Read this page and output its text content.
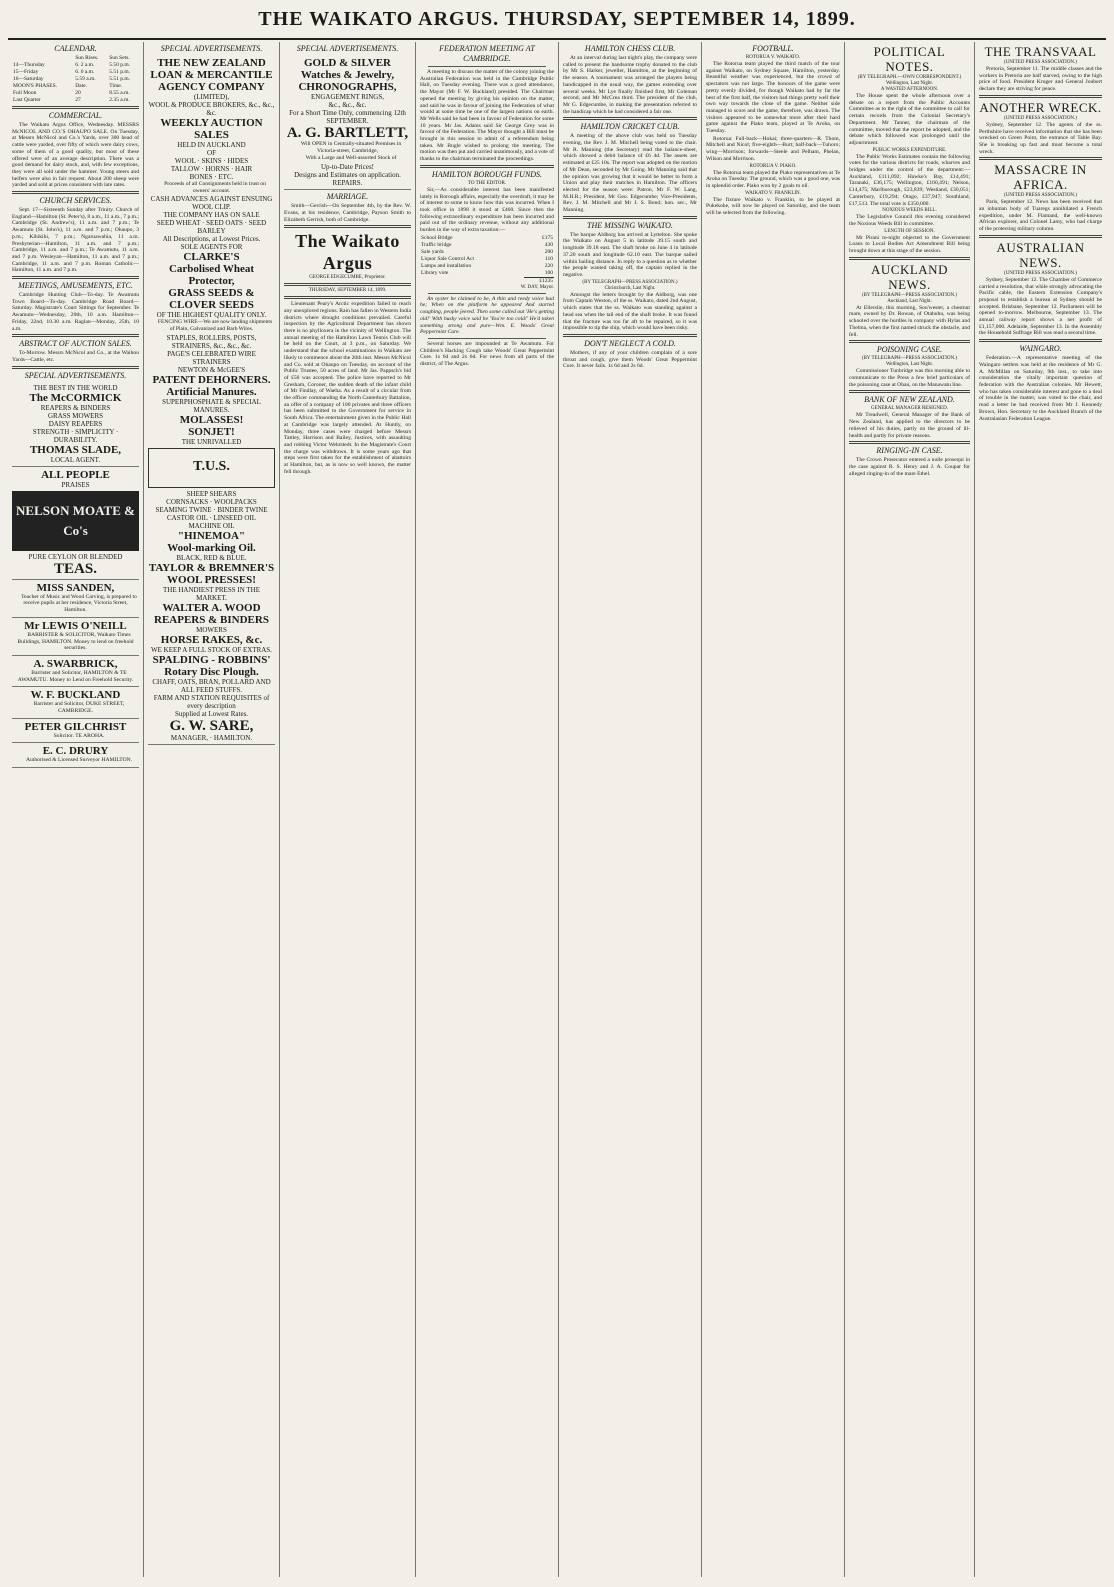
THE WAIKATO ARGUS. THURSDAY, SEPTEMBER 14, 1899.
CALENDAR.
	Sun Rises.	Sun Sets.
14—Thursday	6. 2 a.m.	5.50 p.m.
15—Friday	6. 0 a.m.	5.51 p.m.
16—Saturday	5.59 a.m.	5.51 p.m.
MOON'S PHASES.	Date.	Time.
Full Moon	20	8.55 a.m.
Last Quarter	27	2.35 a.m.
COMMERCIAL.

The Waikato Argus Office, Wednesday. MESSRS McNICOL AND CO.'S OHAUPO SALE. On Tuesday, at Messrs McNicol and Co.'s Yards, over 300 head of cattle were yarded, over fifty of which were dairy cows, some of them of a good quality, but most of these offered were of an average description. There was a good demand for dairy stock, and, with few exceptions, they were all sold under the hammer. Young steers and heifers were also in fair request. About 200 sheep were yarded and sold at prices consistent with late rates.

CHURCH SERVICES.

Sept. 17—Sixteenth Sunday after Trinity. Church of England—Hamilton (St. Peter's), 8 a.m., 11 a.m., 7 p.m.; Cambridge (St. Andrew's), 11 a.m. and 7 p.m.; Te Awamutu (St. John's), 11 a.m. and 7 p.m.; Ohaupo, 3 p.m.; Kihikihi, 7 p.m.; Ngaruawahia, 11 a.m. Presbyterian—Hamilton, 11 a.m. and 7 p.m.; Cambridge, 11 a.m. and 7 p.m.; Te Awamutu, 11 a.m. and 7 p.m. Wesleyan—Hamilton, 11 a.m. and 7 p.m.; Cambridge, 11 a.m. and 7 p.m. Roman Catholic—Hamilton, 11 a.m. and 7 p.m.

MEETINGS, AMUSEMENTS, ETC.

Cambridge Hunting Club—To-day. Te Awamutu Town Board—To-day. Cambridge Road Board—Saturday. Magistrate's Court Sittings for September. Te Awamutu—Wednesday, 20th, 10 a.m. Hamilton—Friday, 22nd, 10.30 a.m. Raglan—Monday, 25th, 10 a.m.

ABSTRACT OF AUCTION SALES.

To-Morrow. Messrs McNicol and Co., at the Waihou Yards—Cattle, etc.

SPECIAL ADVERTISEMENTS.
THE BEST IN THE WORLD
The McCORMICK
REAPERS & BINDERS
GRASS MOWERS
DAISY REAPERS
STRENGTH · SIMPLICITY · DURABILITY.
THOMAS SLADE,
LOCAL AGENT.
ALL PEOPLE
PRAISES
NELSON MOATE & Co's
PURE CEYLON OR BLENDED
TEAS.
MISS SANDEN,

Teacher of Music and Wood Carving, is prepared to receive pupils at her residence, Victoria Street, Hamilton.

Mr LEWIS O'NEILL

BARRISTER & SOLICITOR, Waikato Times Buildings, HAMILTON. Money to lend on freehold securities.

A. SWARBRICK,

Barrister and Solicitor, HAMILTON & TE AWAMUTU. Money to Lend on Freehold Security.

W. F. BUCKLAND

Barrister and Solicitor, DUKE STREET, CAMBRIDGE.

PETER GILCHRIST

Solicitor. TE AROHA.

E. C. DRURY

Authorised & Licensed Surveyor HAMILTON.

SPECIAL ADVERTISEMENTS.
THE NEW ZEALAND LOAN & MERCANTILE AGENCY COMPANY
(LIMITED),
WOOL & PRODUCE BROKERS, &c., &c., &c.
WEEKLY AUCTION SALES
HELD IN AUCKLAND
OF
WOOL · SKINS · HIDES
TALLOW · HORNS · HAIR
BONES · ETC.

Proceeds of all Consignments held in trust on owners' account.

CASH ADVANCES AGAINST ENSUING WOOL CLIP.
THE COMPANY HAS ON SALE
SEED WHEAT · SEED OATS · SEED BARLEY
All Descriptions, at Lowest Prices.
SOLE AGENTS FOR
CLARKE'S
Carbolised Wheat Protector,
GRASS SEEDS & CLOVER SEEDS
OF THE HIGHEST QUALITY ONLY.

FENCING WIRE—We are now landing shipments of Plain, Galvanized and Barb Wires.

STAPLES, ROLLERS, POSTS, STRAINERS, &c., &c., &c.
PAGE'S CELEBRATED WIRE STRAINERS
NEWTON & McGEE'S
PATENT DEHORNERS.
Artificial Manures.
SUPERPHOSPHATE & SPECIAL MANURES.
MOLASSES!
SONJET!
THE UNRIVALLED
T.U.S.
SHEEP SHEARS
CORNSACKS · WOOLPACKS
SEAMING TWINE · BINDER TWINE
CASTOR OIL · LINSEED OIL
MACHINE OIL
"HINEMOA"
Wool-marking Oil.
BLACK, RED & BLUE.
TAYLOR & BREMNER'S
WOOL PRESSES!
THE HANDIEST PRESS IN THE MARKET.
WALTER A. WOOD
REAPERS & BINDERS
MOWERS
HORSE RAKES, &c.
WE KEEP A FULL STOCK OF EXTRAS.
SPALDING - ROBBINS'
Rotary Disc Plough.
CHAFF, OATS, BRAN, POLLARD AND ALL FEED STUFFS.
FARM AND STATION REQUISITES of every description
Supplied at Lowest Rates.
G. W. SARE,
MANAGER, · HAMILTON.
SPECIAL ADVERTISEMENTS.
GOLD & SILVER
Watches & Jewelry,
CHRONOGRAPHS,
ENGAGEMENT RINGS,
&c., &c., &c.
For a Short Time Only, commencing 12th SEPTEMBER.
A. G. BARTLETT,

Will OPEN in Centrally-situated Premises in Victoria-street, Cambridge,

With a Large and Well-assorted Stock of

Up-to-Date Prices!
Designs and Estimates on application.
REPAIRS.
MARRIAGE.

Smith—Gerrish—On September 4th, by the Rev. W. Evans, at his residence, Cambridge, Payson Smith to Elizabeth Gerrish, both of Cambridge.

The Waikato Argus
GEORGE EDGECUMBE, Proprietor.
THURSDAY, SEPTEMBER 14, 1899.

Lieutenant Peary's Arctic expedition failed to reach any unexplored regions. Rain has fallen in Western India districts where drought conditions prevailed. Careful inspection by the Agricultural Department has shown there is no phylloxera in the vicinity of Wellington. The annual meeting of the Hamilton Lawn Tennis Club will be held on the Court, at 3 p.m., on Saturday. We understand that the school examinations in Waikato are likely to commence about the 20th inst. Messrs McNicol and Co. sold at Ohaupo on Tuesday, on account of the Public Trustee, 50 acres of land. Mr Jas. Pappsch's bid of £50 was accepted. The police have reported to Mr Gresham, Coroner, the sudden death of the infant child of Mr Findlay, of Waeha. As a result of a circular from the officer commanding the North Canterbury Battalion, an offer of a company of 100 privates and three officers has been submitted to the Government for service in South Africa. The entertainment given in the Public Hall at Cambridge was largely attended. At Huntly, on Monday, three cases were charged before Messrs Tattley, Harrison and Bailey, Justices, with assaulting and robbing Victor Wehrstedt. In the Magistrate's Court the charge was withdrawn. It is some years ago that steps were first taken for the establishment of abattoirs at Hamilton, but, as is now so well known, the matter fell through.

FEDERATION MEETING AT CAMBRIDGE.

A meeting to discuss the matter of the colony joining the Australian Federation was held in the Cambridge Public Hall, on Tuesday evening. There was a good attendance, the Mayor (Mr F. W. Buckland) presided. The Chairman opened the meeting by giving his opinion on the matter, and said he was in favour of joining the Federation of what would at some time be one of the largest nations on earth. Mr Wells said he had been in favour of Federation for some 10 years. Mr Jas. Adams said Sir George Grey was in favour of the Federation. The Mayor thought a Bill must be brought in this session to admit of a referendum being taken. Mr Bugle wished to prolong the meeting. The motion was then put and carried unanimously, and a vote of thanks to the chairman terminated the proceedings.

HAMILTON BOROUGH FUNDS.
TO THE EDITOR.

Sir,—As considerable interest has been manifested lately in Borough affairs, especially the overdraft, it may be of interest to some to know how this was incurred. When I took office in 1898 it stood at £460. Since then the following extraordinary expenditure has been incurred and paid out of the ordinary revenue, without any additional burden in the way of extra taxation:—

School Bridge	£175
Traffic bridge	430
Sale yards	200
Liquor Sale Control Act	110
Lamps and installation	220
Library vote	100
	£1235
W. DAY, Mayor.

An oyster he claimed to be, A thin and reedy voice had he; When on the platform he appeared And started coughing, people jeered. Then some called out 'He's getting old!' With husky voice said he 'You're too cold!' He'd taken something strong and pure—Wm. E. Woods' Great Peppermint Cure.

Several horses are impounded at Te Awamutu. For Children's Hacking Cough take Woods' Great Peppermint Cure. 1s 6d and 2s 6d. For news from all parts of the district, of The Argus.

HAMILTON CHESS CLUB.

At an interval during last night's play, the company were called to present the handsome trophy donated to the club by Mr S. Harker, jeweller, Hamilton, at the beginning of the season. A tournament was arranged the players being handicapped in the usual way, the games extending over several weeks. Mr Lye finally finished first, Mr Coleman second, and Mr McCrea third. The president of the club, Mr G. Edgecumbe, in making the presentation referred to the handicap which he had considered a fair one.

HAMILTON CRICKET CLUB.

A meeting of the above club was held on Tuesday evening, the Rev. J. M. Mitchell being voted to the chair. Mr R. Manning (the Secretary) read the balance-sheet, which showed a debit balance of £6 4d. The assets are estimated at £25 10s. The report was adopted on the motion of Mr Dean, seconded by Mr Going. Mr Manning said that the opinion was growing that it would be better to form a Union and play their matches in Hamilton. The officers elected for the season were: Patron, Mr F. W. Lang, M.H.R.; President, Mr Geo. Edgecumbe; Vice-Presidents, Rev. J. M. Mitchell and Mr J. S. Bond; hon. sec., Mr Manning.

THE MISSING WAIKATO.

The barque Aldborg has arrived at Lyttelton. She spoke the Waikato on August 5 in latitude 39.15 south and longitude 39.18 east. The shaft broke on June 4 in latitude 37.20 south and longitude 62.10 east. The barque sailed within hailing distance. In reply to a question as to whether the people wanted taking off, the captain replied in the negative.

(BY TELEGRAPH—PRESS ASSOCIATION.)
Christchurch, Last Night.

Amongst the letters brought by the Aldborg, was one from Captain Weston, of the ss. Waikato, dated 2nd August, which states that the ss. Waikato was standing against a head sea when the tail end of the shaft broke. It was found that the fracture was too far aft to be repaired, so it was impossible to tip the ship, which would have been risky.

DON'T NEGLECT A COLD.

Mothers, if any of your children complain of a sore throat and cough, give them Woods' Great Peppermint Cure. It never fails. 1s 6d and 2s 6d.

FOOTBALL.
ROTORUA V. WAIKATO.

The Rotorua team played the third match of the tour against Waikato, on Sydney Square, Hamilton, yesterday. Beautiful weather was experienced, but the crowd of spectators was not large. The honours of the game were pretty evenly divided, for though Waikato had by far the best of the first half, the visitors had things pretty well their own way towards the close of the game. Neither side managed to score and the game, therefore, was drawn. The visitors appeared to be somewhat more after their hard game against the Piako team, played at Te Aroha, on Tuesday.

Rotorua: Full-back—Hokai; three-quarters—R. Thom, Mitchell and Nicol; five-eighth—Burt; half-back—Tuhoro; wing—Morrison; forwards—Steele and Pelham, Phelan, Wilson and Morrison.

ROTORUA V. PIAKO.

The Rotorua team played the Piako representatives at Te Aroha on Tuesday. The ground, which was a good one, was in splendid order. Piako won by 2 goals to nil.

WAIKATO V. FRANKLIN.

The fixture Waikato v. Franklin, to be played at Pukekohe, will now be played on Saturday, and the team will be selected from the following.

POLITICAL NOTES.
(BY TELEGRAPH.—OWN CORRESPONDENT.)
Wellington, Last Night.
A WASTED AFTERNOON.

The House spent the whole afternoon over a debate on a report from the Public Accounts Committee as to the right of the committee to call for certain records from the Colonial Secretary's Department. Mr Tanner, the chairman of the committee, moved that the report be adopted, and the debate which followed was prolonged until the adjournment.

PUBLIC WORKS EXPENDITURE.

The Public Works Estimates contain the following votes for the various districts for roads, wharves and bridges under the control of the department:—Auckland, £111,092; Hawke's Bay, £14,491; Taranaki, £36,175; Wellington, £160,491; Nelson, £14,475; Marlborough, £23,839; Westland, £30,051; Canterbury, £19,294; Otago, £37,947; Southland, £17,513. The total vote is £350,000.

NOXIOUS WEEDS BILL.

The Legislative Council this evening considered the Noxious Weeds Bill in committee.

LENGTH OF SESSION.

Mr Pirani to-night objected to the Government Loans to Local Bodies Act Amendment Bill being brought down at this stage of the session.

AUCKLAND NEWS.
(BY TELEGRAPH—PRESS ASSOCIATION.)
Auckland, Last Night.

At Ellerslie, this morning, Sou'wester, a chestnut mare, owned by Dr. Rowan, of Otahuhu, was being schooled over the hurdles in company with Hylas and Thelma, when the first named struck the obstacle, and fell.

POISONING CASE.
(BY TELEGRAPH—PRESS ASSOCIATION.)
Wellington, Last Night.

Commissioner Tunbridge was this morning able to communicate to the Press a few brief particulars of the poisoning case at Ohau, on the Manawatu line.

BANK OF NEW ZEALAND.
GENERAL MANAGER RESIGNED.

Mr Treadwell, General Manager of the Bank of New Zealand, has applied to the directors to be relieved of his duties, partly on the ground of ill-health and partly for private reasons.

RINGING-IN CASE.

The Crown Prosecutor entered a nolle prosequi in the case against R. S. Henry and J. A. Coupar for alleged ringing-in of the mare Ethel.

THE TRANSVAAL
(UNITED PRESS ASSOCIATION.)

Pretoria, September 11. The middle classes and the workers in Pretoria are half starved, owing to the high price of food. President Kruger and General Joubert declare they are striving for peace.

ANOTHER WRECK.
(UNITED PRESS ASSOCIATION.)

Sydney, September 12. The agents of the ss. Perthshire have received information that she has been wrecked on Green Point, the entrance of Table Bay. She is breaking up fast and must become a total wreck.

MASSACRE IN AFRICA.
(UNITED PRESS ASSOCIATION.)

Paris, September 12. News has been received that an inhuman body of Tuaregs annihilated a French expedition, under M. Flamand, the well-known African explorer, and Colonel Lamy, who had charge of the protecting military column.

AUSTRALIAN NEWS.
(UNITED PRESS ASSOCIATION.)

Sydney, September 12. The Chamber of Commerce carried a resolution, that while strongly advocating the Pacific cable, the Eastern Extension Company's proposal to establish a bureau at Sydney should be accepted. Brisbane, September 12. Parliament will be opened to-morrow. Melbourne, September 13. The annual railway report shows a net profit of £1,157,000. Adelaide, September 13. In the Assembly the Household Suffrage Bill was read a second time.

WAINGARO.

Federation.—A representative meeting of the Waingaro settlers was held at the residence of Mr G. A. McMillan on Saturday, 9th inst., to take into consideration the vitally important question of federation with the Australian colonies. Mr Hewett, who has taken considerable interest and gone to a deal of trouble in the matter, was voted to the chair, and read a letter he had received from Mr J. Kennedy Brown, Hon. Secretary to the Auckland Branch of the Australasian Federation League.
